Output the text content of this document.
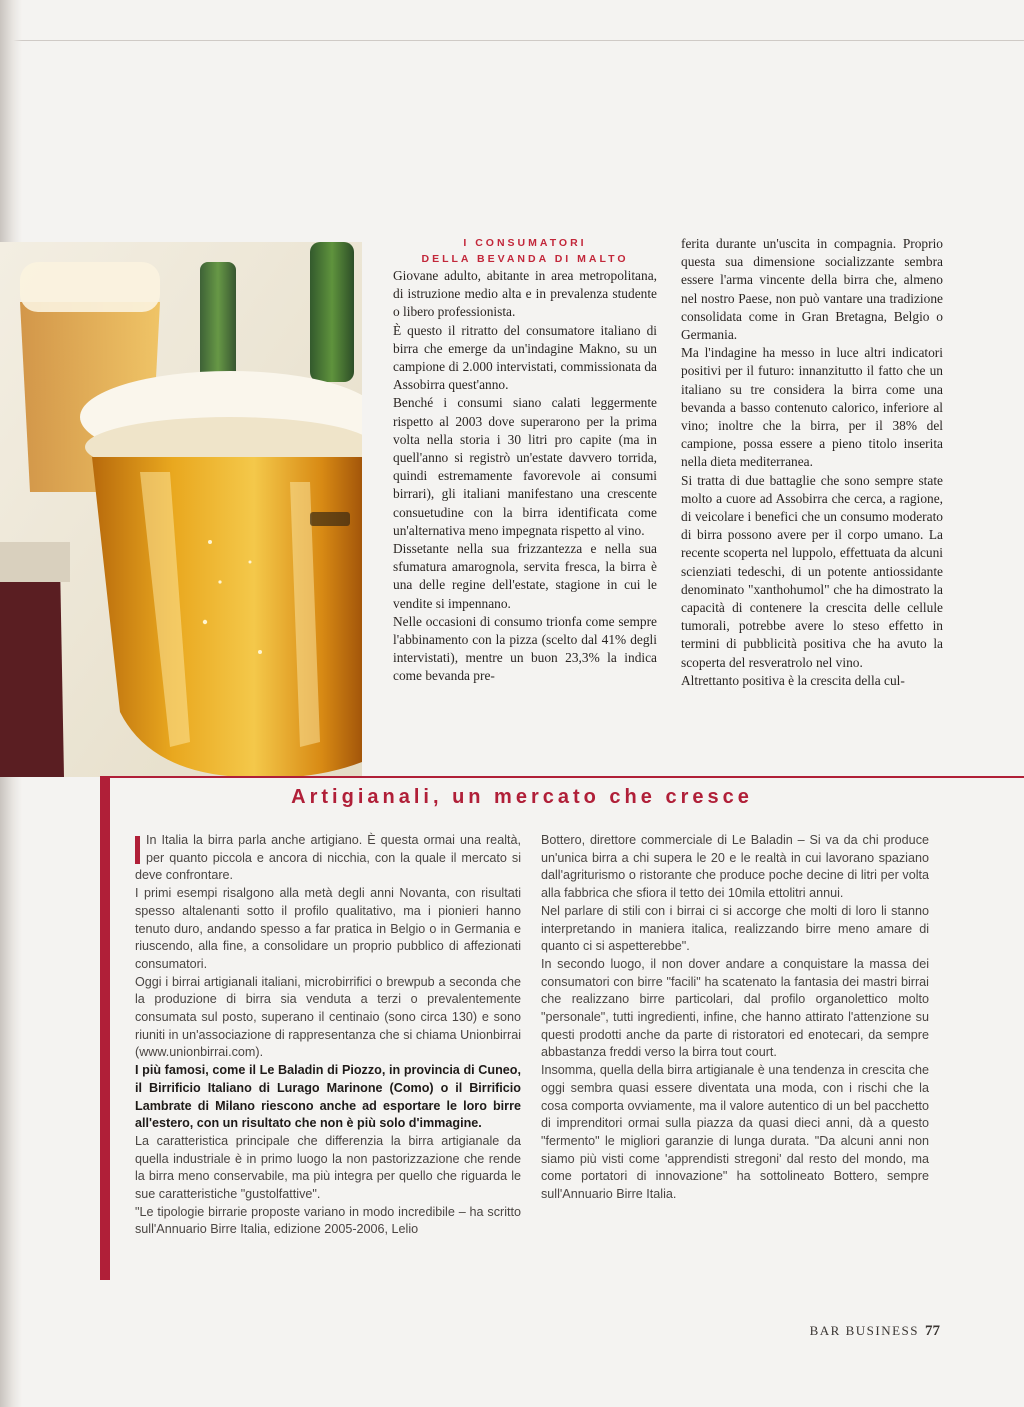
I CONSUMATORI
DELLA BEVANDA DI MALTO

Giovane adulto, abitante in area metropolitana, di istruzione medio alta e in prevalenza studente o libero professionista.

È questo il ritratto del consumatore italiano di birra che emerge da un'indagine Makno, su un campione di 2.000 intervistati, commissionata da Assobirra quest'anno.

Benché i consumi siano calati leggermente rispetto al 2003 dove superarono per la prima volta nella storia i 30 litri pro capite (ma in quell'anno si registrò un'estate davvero torrida, quindi estremamente favorevole ai consumi birrari), gli italiani manifestano una crescente consuetudine con la birra identificata come un'alternativa meno impegnata rispetto al vino.

Dissetante nella sua frizzantezza e nella sua sfumatura amarognola, servita fresca, la birra è una delle regine dell'estate, stagione in cui le vendite si impennano.

Nelle occasioni di consumo trionfa come sempre l'abbinamento con la pizza (scelto dal 41% degli intervistati), mentre un buon 23,3% la indica come bevanda pre-

ferita durante un'uscita in compagnia. Proprio questa sua dimensione socializzante sembra essere l'arma vincente della birra che, almeno nel nostro Paese, non può vantare una tradizione consolidata come in Gran Bretagna, Belgio o Germania.

Ma l'indagine ha messo in luce altri indicatori positivi per il futuro: innanzitutto il fatto che un italiano su tre considera la birra come una bevanda a basso contenuto calorico, inferiore al vino; inoltre che la birra, per il 38% del campione, possa essere a pieno titolo inserita nella dieta mediterranea.

Si tratta di due battaglie che sono sempre state molto a cuore ad Assobirra che cerca, a ragione, di veicolare i benefici che un consumo moderato di birra possono avere per il corpo umano. La recente scoperta nel luppolo, effettuata da alcuni scienziati tedeschi, di un potente antiossidante denominato "xanthohumol" che ha dimostrato la capacità di contenere la crescita delle cellule tumorali, potrebbe avere lo steso effetto in termini di pubblicità positiva che ha avuto la scoperta del resveratrolo nel vino.

Altrettanto positiva è la crescita della cul-

Artigianali, un mercato che cresce

In Italia la birra parla anche artigiano. È questa ormai una realtà, per quanto piccola e ancora di nicchia, con la quale il mercato si deve confrontare.

I primi esempi risalgono alla metà degli anni Novanta, con risultati spesso altalenanti sotto il profilo qualitativo, ma i pionieri hanno tenuto duro, andando spesso a far pratica in Belgio o in Germania e riuscendo, alla fine, a consolidare un proprio pubblico di affezionati consumatori.

Oggi i birrai artigianali italiani, microbirrifici o brewpub a seconda che la produzione di birra sia venduta a terzi o prevalentemente consumata sul posto, superano il centinaio (sono circa 130) e sono riuniti in un'associazione di rappresentanza che si chiama Unionbirrai (www.unionbirrai.com).

I più famosi, come il Le Baladin di Piozzo, in provincia di Cuneo, il Birrificio Italiano di Lurago Marinone (Como) o il Birrificio Lambrate di Milano riescono anche ad esportare le loro birre all'estero, con un risultato che non è più solo d'immagine.

La caratteristica principale che differenzia la birra artigianale da quella industriale è in primo luogo la non pastorizzazione che rende la birra meno conservabile, ma più integra per quello che riguarda le sue caratteristiche "gustolfattive".

"Le tipologie birrarie proposte variano in modo incredibile – ha scritto sull'Annuario Birre Italia, edizione 2005-2006, Lelio

Bottero, direttore commerciale di Le Baladin – Si va da chi produce un'unica birra a chi supera le 20 e le realtà in cui lavorano spaziano dall'agriturismo o ristorante che produce poche decine di litri per volta alla fabbrica che sfiora il tetto dei 10mila ettolitri annui.

Nel parlare di stili con i birrai ci si accorge che molti di loro li stanno interpretando in maniera italica, realizzando birre meno amare di quanto ci si aspetterebbe".

In secondo luogo, il non dover andare a conquistare la massa dei consumatori con birre "facili" ha scatenato la fantasia dei mastri birrai che realizzano birre particolari, dal profilo organolettico molto "personale", tutti ingredienti, infine, che hanno attirato l'attenzione su questi prodotti anche da parte di ristoratori ed enotecari, da sempre abbastanza freddi verso la birra tout court.

Insomma, quella della birra artigianale è una tendenza in crescita che oggi sembra quasi essere diventata una moda, con i rischi che la cosa comporta ovviamente, ma il valore autentico di un bel pacchetto di imprenditori ormai sulla piazza da quasi dieci anni, dà a questo "fermento" le migliori garanzie di lunga durata. "Da alcuni anni non siamo più visti come 'apprendisti stregoni' dal resto del mondo, ma come portatori di innovazione" ha sottolineato Bottero, sempre sull'Annuario Birre Italia.

BAR BUSINESS 77
